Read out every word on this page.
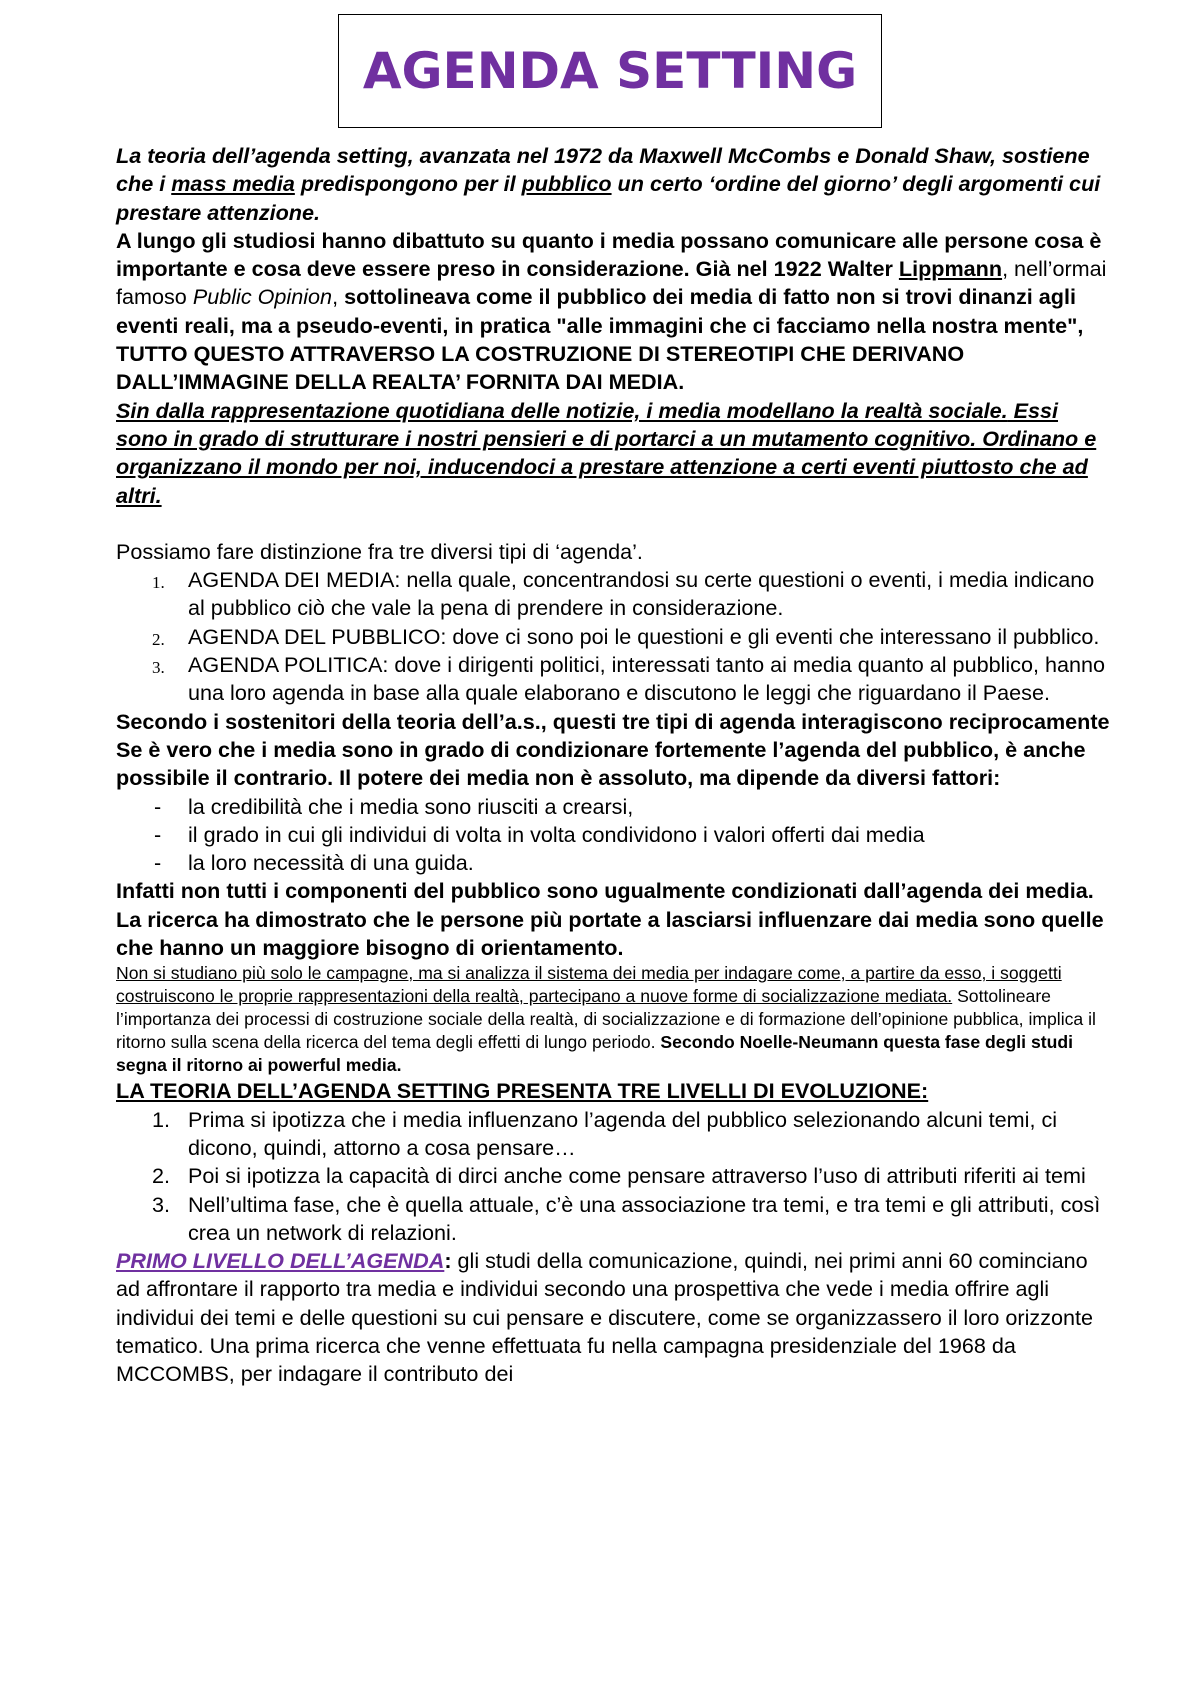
AGENDA SETTING

La teoria dell’agenda setting, avanzata nel 1972 da Maxwell McCombs e Donald Shaw, sostiene che i mass media predispongono per il pubblico un certo ‘ordine del giorno’ degli argomenti cui prestare attenzione.

A lungo gli studiosi hanno dibattuto su quanto i media possano comunicare alle persone cosa è importante e cosa deve essere preso in considerazione. Già nel 1922 Walter Lippmann, nell’ormai famoso Public Opinion, sottolineava come il pubblico dei media di fatto non si trovi dinanzi agli eventi reali, ma a pseudo-eventi, in pratica "alle immagini che ci facciamo nella nostra mente", TUTTO QUESTO ATTRAVERSO LA COSTRUZIONE DI STEREOTIPI CHE DERIVANO DALL’IMMAGINE DELLA REALTA’ FORNITA DAI MEDIA.

Sin dalla rappresentazione quotidiana delle notizie, i media modellano la realtà sociale. Essi sono in grado di strutturare i nostri pensieri e di portarci a un mutamento cognitivo. Ordinano e organizzano il mondo per noi, inducendoci a prestare attenzione a certi eventi piuttosto che ad altri.

Possiamo fare distinzione fra tre diversi tipi di ‘agenda’.

1. AGENDA DEI MEDIA: nella quale, concentrandosi su certe questioni o eventi, i media indicano al pubblico ciò che vale la pena di prendere in considerazione.
2. AGENDA DEL PUBBLICO: dove ci sono poi le questioni e gli eventi che interessano il pubblico.
3. AGENDA POLITICA: dove i dirigenti politici, interessati tanto ai media quanto al pubblico, hanno una loro agenda in base alla quale elaborano e discutono le leggi che riguardano il Paese.

Secondo i sostenitori della teoria dell’a.s., questi tre tipi di agenda interagiscono reciprocamente

Se è vero che i media sono in grado di condizionare fortemente l’agenda del pubblico, è anche possibile il contrario. Il potere dei media non è assoluto, ma dipende da diversi fattori:

- la credibilità che i media sono riusciti a crearsi,
- il grado in cui gli individui di volta in volta condividono i valori offerti dai media
- la loro necessità di una guida.

Infatti non tutti i componenti del pubblico sono ugualmente condizionati dall’agenda dei media. La ricerca ha dimostrato che le persone più portate a lasciarsi influenzare dai media sono quelle che hanno un maggiore bisogno di orientamento.

Non si studiano più solo le campagne, ma si analizza il sistema dei media per indagare come, a partire da esso, i soggetti costruiscono le proprie rappresentazioni della realtà, partecipano a nuove forme di socializzazione mediata. Sottolineare l’importanza dei processi di costruzione sociale della realtà, di socializzazione e di formazione dell’opinione pubblica, implica il ritorno sulla scena della ricerca del tema degli effetti di lungo periodo. Secondo Noelle-Neumann questa fase degli studi segna il ritorno ai powerful media.

LA TEORIA DELL’AGENDA SETTING PRESENTA TRE LIVELLI DI EVOLUZIONE:

1. Prima si ipotizza che i media influenzano l’agenda del pubblico selezionando alcuni temi, ci dicono, quindi, attorno a cosa pensare…
2. Poi si ipotizza la capacità di dirci anche come pensare attraverso l’uso di attributi riferiti ai temi
3. Nell’ultima fase, che è quella attuale, c’è una associazione tra temi, e tra temi e gli attributi, così crea un network di relazioni.

PRIMO LIVELLO DELL’AGENDA: gli studi della comunicazione, quindi, nei primi anni 60 cominciano ad affrontare il rapporto tra media e individui secondo una prospettiva che vede i media offrire agli individui dei temi e delle questioni su cui pensare e discutere, come se organizzassero il loro orizzonte tematico. Una prima ricerca che venne effettuata fu nella campagna presidenziale del 1968 da MCCOMBS, per indagare il contributo dei
